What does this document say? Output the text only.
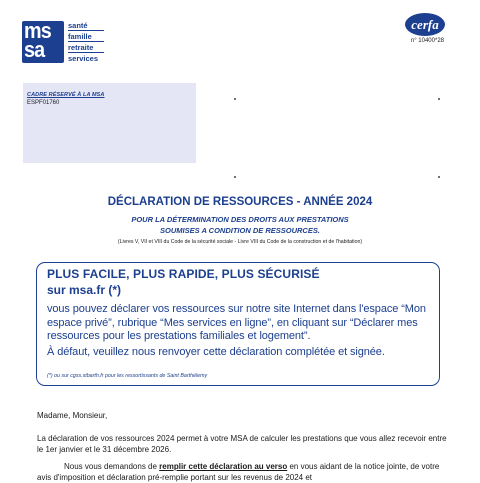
ms
sa
santé
famille
retraite
services
cerfa
n° 10400*28
CADRE RÉSERVÉ À LA MSA
ESPF01760
DÉCLARATION DE RESSOURCES - ANNÉE 2024
POUR LA DÉTERMINATION DES DROITS AUX PRESTATIONS
SOUMISES A CONDITION DE RESSOURCES.
(Livres V, VII et VIII du Code de la sécurité sociale - Livre VIII du Code de la construction et de l'habitation)
PLUS FACILE, PLUS RAPIDE, PLUS SÉCURISÉ
sur msa.fr (*)
vous pouvez déclarer vos ressources sur notre site Internet dans l'espace “Mon espace privé”, rubrique “Mes services en ligne”, en cliquant sur “Déclarer mes ressources pour les prestations familiales et logement”.
À défaut, veuillez nous renvoyer cette déclaration complétée et signée.
(*) ou sur cgss.stbarth.fr pour les ressortissants de Saint Barthélemy
Madame, Monsieur,
La déclaration de vos ressources 2024 permet à votre MSA de calculer les prestations que vous allez recevoir entre le 1er janvier et le 31 décembre 2026.
Nous vous demandons de remplir cette déclaration au verso en vous aidant de la notice jointe, de votre avis d'imposition et déclaration pré-remplie portant sur les revenus de 2024 et
